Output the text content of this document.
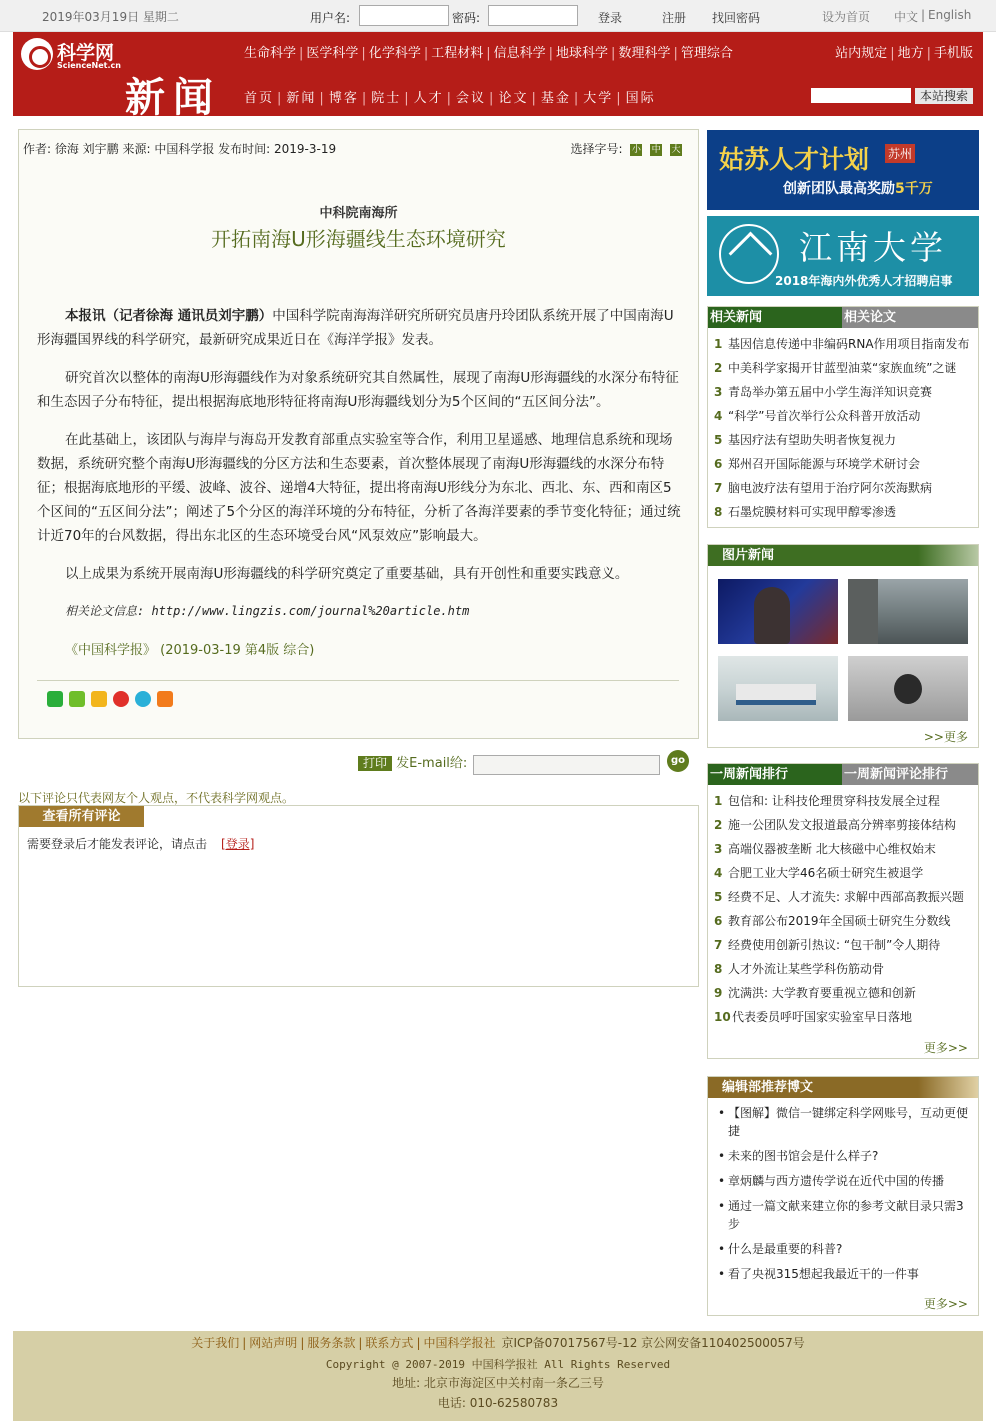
2019年03月19日 星期二	用户名:	密码:	登录	注册 找回密码	设为首页 中文 | English
科学网
ScienceNet.cn
新闻
生命科学 | 医学科学 | 化学科学 | 工程材料 | 信息科学 | 地球科学 | 数理科学 | 管理综合	站内规定 | 地方 | 手机版
首页 | 新闻 | 博客 | 院士 | 人才 | 会议 | 论文 | 基金 | 大学 | 国际	本站搜索
作者: 徐海 刘宇鹏 来源: 中国科学报 发布时间: 2019-3-19	选择字号: 小 中 大
中科院南海所
开拓南海U形海疆线生态环境研究

本报讯（记者徐海 通讯员刘宇鹏）中国科学院南海海洋研究所研究员唐丹玲团队系统开展了中国南海U形海疆国界线的科学研究，最新研究成果近日在《海洋学报》发表。

研究首次以整体的南海U形海疆线作为对象系统研究其自然属性，展现了南海U形海疆线的水深分布特征和生态因子分布特征，提出根据海底地形特征将南海U形海疆线划分为5个区间的“五区间分法”。

在此基础上，该团队与海岸与海岛开发教育部重点实验室等合作，利用卫星遥感、地理信息系统和现场数据，系统研究整个南海U形海疆线的分区方法和生态要素，首次整体展现了南海U形海疆线的水深分布特征；根据海底地形的平缓、波峰、波谷、递增4大特征，提出将南海U形线分为东北、西北、东、西和南区5个区间的“五区间分法”；阐述了5个分区的海洋环境的分布特征，分析了各海洋要素的季节变化特征；通过统计近70年的台风数据，得出东北区的生态环境受台风“风泵效应”影响最大。

以上成果为系统开展南海U形海疆线的科学研究奠定了重要基础，具有开创性和重要实践意义。

相关论文信息: http://www.lingzis.com/journal%20article.htm
《中国科学报》 (2019-03-19 第4版 综合)
打印 发E-mail给:	go
以下评论只代表网友个人观点，不代表科学网观点。
查看所有评论
需要登录后才能发表评论，请点击 [登录]
姑苏人才计划 苏州
创新团队最高奖励5千万
江南大学
2018年海内外优秀人才招聘启事
相关新闻	相关论文
1 基因信息传递中非编码RNA作用项目指南发布
2 中美科学家揭开甘蓝型油菜“家族血统”之谜
3 青岛举办第五届中小学生海洋知识竞赛
4 “科学”号首次举行公众科普开放活动
5 基因疗法有望助失明者恢复视力
6 郑州召开国际能源与环境学术研讨会
7 脑电波疗法有望用于治疗阿尔茨海默病
8 石墨烷膜材料可实现甲醇零渗透
图片新闻
>>更多
一周新闻排行	一周新闻评论排行
1 包信和: 让科技伦理贯穿科技发展全过程
2 施一公团队发文报道最高分辨率剪接体结构
3 高端仪器被垄断 北大核磁中心维权始末
4 合肥工业大学46名硕士研究生被退学
5 经费不足、人才流失: 求解中西部高教振兴题
6 教育部公布2019年全国硕士研究生分数线
7 经费使用创新引热议: “包干制”令人期待
8 人才外流让某些学科伤筋动骨
9 沈满洪: 大学教育要重视立德和创新
10代表委员呼吁国家实验室早日落地
更多>>
编辑部推荐博文
• 【图解】微信一键绑定科学网账号，互动更便捷
• 未来的图书馆会是什么样子?
• 章炳麟与西方遗传学说在近代中国的传播
• 通过一篇文献来建立你的参考文献目录只需3步
• 什么是最重要的科普?
• 看了央视315想起我最近干的一件事
更多>>
关于我们 | 网站声明 | 服务条款 | 联系方式 | 中国科学报社 京ICP备07017567号-12 京公网安备110402500057号
Copyright @ 2007-2019 中国科学报社 All Rights Reserved
地址: 北京市海淀区中关村南一条乙三号
电话: 010-62580783
